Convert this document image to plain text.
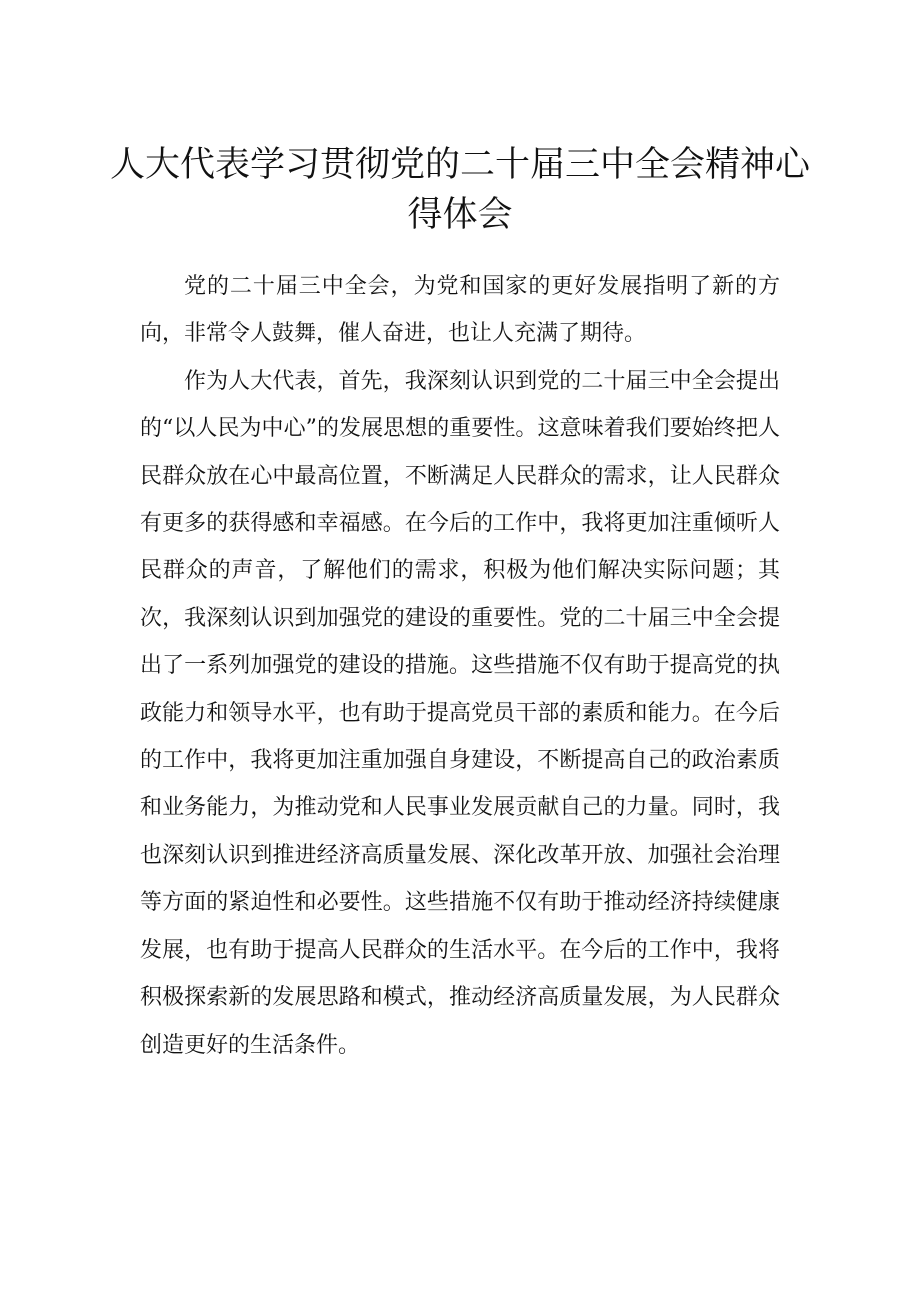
人大代表学习贯彻党的二十届三中全会精神心得体会

党的二十届三中全会，为党和国家的更好发展指明了新的方向，非常令人鼓舞，催人奋进，也让人充满了期待。

作为人大代表，首先，我深刻认识到党的二十届三中全会提出的“以人民为中心”的发展思想的重要性。这意味着我们要始终把人民群众放在心中最高位置，不断满足人民群众的需求，让人民群众有更多的获得感和幸福感。在今后的工作中，我将更加注重倾听人民群众的声音，了解他们的需求，积极为他们解决实际问题；其次，我深刻认识到加强党的建设的重要性。党的二十届三中全会提出了一系列加强党的建设的措施。这些措施不仅有助于提高党的执政能力和领导水平，也有助于提高党员干部的素质和能力。在今后的工作中，我将更加注重加强自身建设，不断提高自己的政治素质和业务能力，为推动党和人民事业发展贡献自己的力量。同时，我也深刻认识到推进经济高质量发展、深化改革开放、加强社会治理等方面的紧迫性和必要性。这些措施不仅有助于推动经济持续健康发展，也有助于提高人民群众的生活水平。在今后的工作中，我将积极探索新的发展思路和模式，推动经济高质量发展，为人民群众创造更好的生活条件。
